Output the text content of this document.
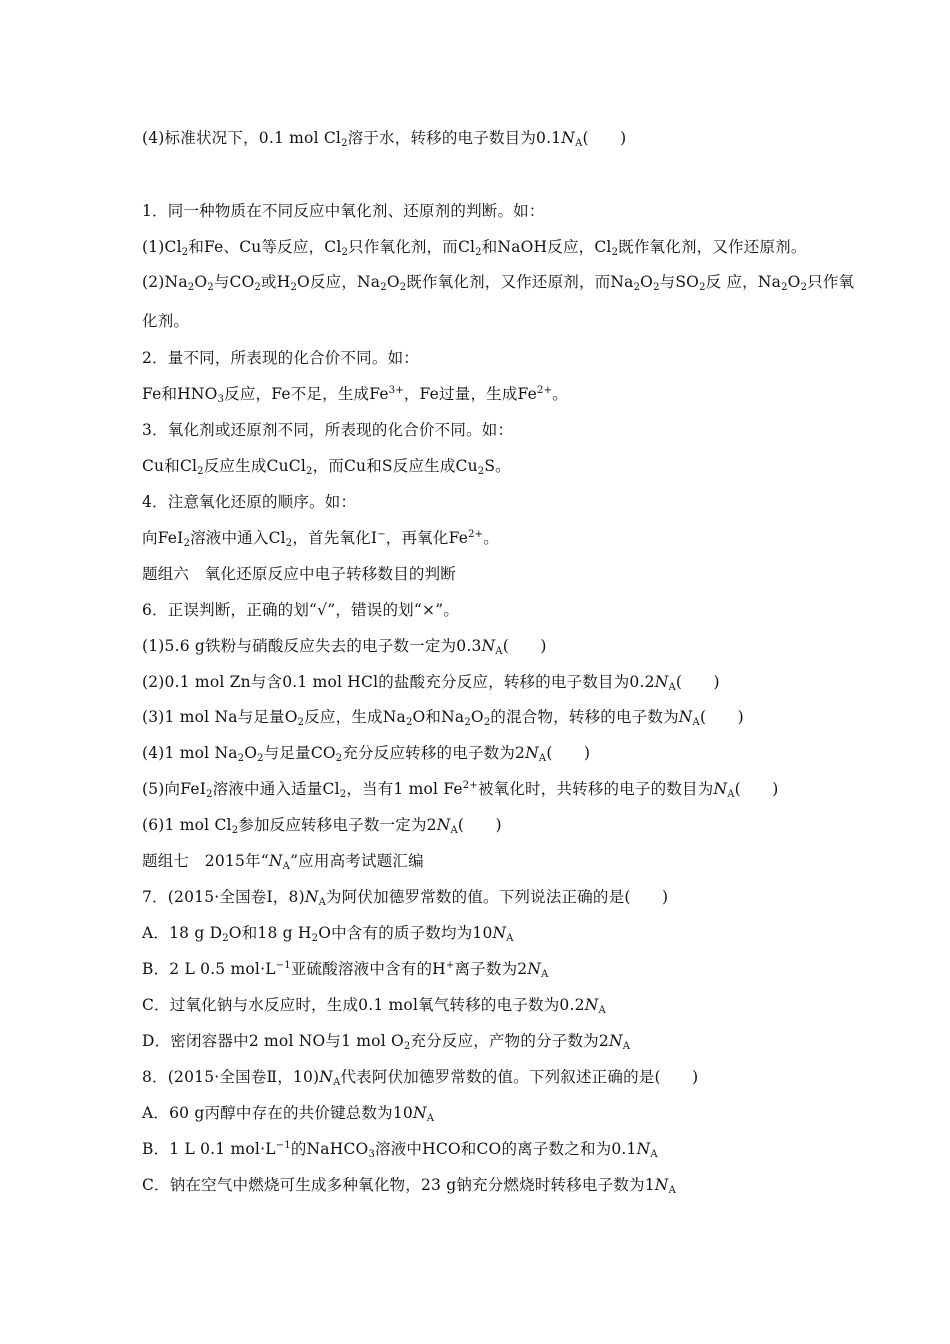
(4)标准状况下，0.1 mol $Cl_2$溶于水，转移的电子数目为$0.1N_A$(　　)
1．同一种物质在不同反应中氧化剂、还原剂的判断。如：
$(1)Cl_2$和Fe、Cu等反应，$Cl_2$只作氧化剂，而$Cl_2$和NaOH反应，$Cl_2$既作氧化剂，又作还原剂。
$(2)Na_2O_2$与$CO_2$或$H_2O$反应，$Na_2O_2$既作氧化剂，又作还原剂，而$Na_2O_2$与$SO_2$反 应，$Na_2O_2$只作氧
化剂。
2．量不同，所表现的化合价不同。如：
Fe和$HNO_3$反应，Fe不足，生成$Fe^{3+}$，Fe过量，生成$Fe^{2+}$。
3．氧化剂或还原剂不同，所表现的化合价不同。如：
Cu和$Cl_2$反应生成CuCl$_2$，而Cu和S反应生成$Cu_2S$。
4．注意氧化还原的顺序。如：
向FeI$_2$溶液中通入$Cl_2$，首先氧化I−，再氧化$Fe^{2+}$。
题组六　氧化还原反应中电子转移数目的判断
6．正误判断，正确的划“√”，错误的划“×”。
(1)5.6 g铁粉与硝酸反应失去的电子数一定为$0.3N_A$(　　)
(2)0.1 mol Zn与含0.1 mol HCl的盐酸充分反应，转移的电子数目为$0.2N_A$(　　)
(3)1 mol Na与足量$O_2$反应，生成$Na_2O$和$Na_2O_2$的混合物，转移的电子数为$N_A$(　　)
(4)1 mol $Na_2O_2$与足量$CO_2$充分反应转移的电子数为$2N_A$(　　)
(5)向FeI$_2$溶液中通入适量$Cl_2$，当有1 mol $Fe^{2+}$被氧化时，共转移的电子的数目为$N_A$(　　)
(6)1 mol $Cl_2$参加反应转移电子数一定为$2N_A$(　　)
题组七　2015年“$N_A$”应用高考试题汇编
7．(2015·全国卷Ⅰ，$8)N_A$为阿伏加德罗常数的值。下列说法正确的是(　　)
A．18 g $D_2O$和18 g $H_2O$中含有的质子数均为$10N_A$
B．2 L 0.5 $mol\cdot L^{-1}$亚硫酸溶液中含有的H+离子数为$2N_A$
C．过氧化钠与水反应时，生成0.1 mol氧气转移的电子数为$0.2N_A$
D．密闭容器中2 mol NO与1 mol $O_2$充分反应，产物的分子数为$2N_A$
8．(2015·全国卷Ⅱ，$10)N_A$代表阿伏加德罗常数的值。下列叙述正确的是(　　)
A．60 g丙醇中存在的共价键总数为$10N_A$
B．1 L 0.1 $mol\cdot L^{-1}$的NaHCO$_3$溶液中HCO和CO的离子数之和为$0.1N_A$
C．钠在空气中燃烧可生成多种氧化物，23 g钠充分燃烧时转移电子数为$1N_A$
